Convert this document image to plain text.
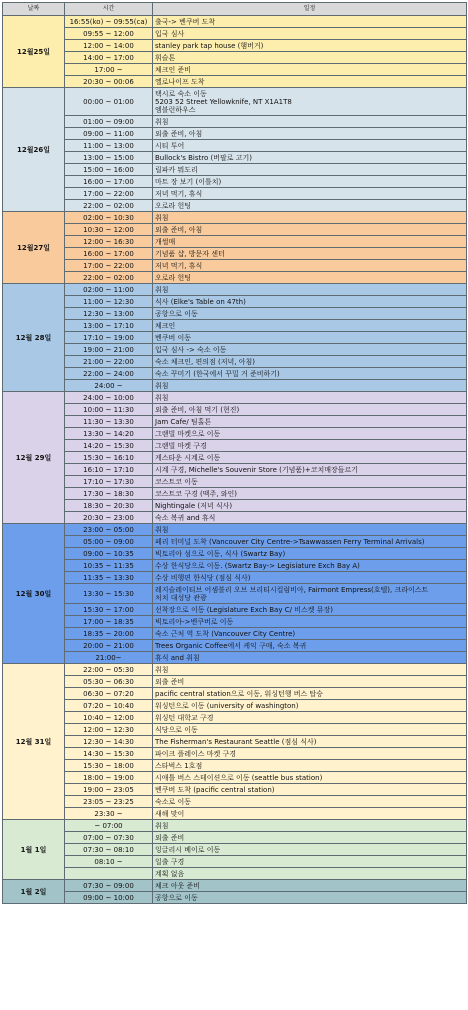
날짜	시간	일정
12월25일	16:55(ko) ~ 09:55(ca)	출국-> 벤쿠버 도착
	09:55 ~ 12:00	입국 심사
	12:00 ~ 14:00	stanley park tap house (햄버거)
	14:00 ~ 17:00	휘슬톤
	17:00 ~	체크인 준비
	20:30 ~ 00:06	옐로나이프 도착
12월26일	00:00 ~ 01:00	택시로 숙소 이동
5203 52 Street Yellowknife, NT X1A1T8
엠블런하우스

	01:00 ~ 09:00	취침
	09:00 ~ 11:00	외출 준비, 아침
	11:00 ~ 13:00	시티 투어
	13:00 ~ 15:00	Bullock's Bistro (버팔로 고기)
	15:00 ~ 16:00	릴파카 뭐도리
	16:00 ~ 17:00	마트 장 보기 (이틀치)
	17:00 ~ 22:00	저녁 먹기, 휴식
	22:00 ~ 02:00	오로라 헌팅
12월27일	02:00 ~ 10:30	취침
	10:30 ~ 12:00	외출 준비, 아침
	12:00 ~ 16:30	개썰매
	16:00 ~ 17:00	기념품 샵, 방문자 센터
	17:00 ~ 22:00	저녁 먹기, 휴식
	22:00 ~ 02:00	오로라 헌팅
12월 28일	02:00 ~ 11:00	취침
	11:00 ~ 12:30	식사 (Elke's Table on 47th)
	12:30 ~ 13:00	공항으로 이동
	13:00 ~ 17:10	체크인
	17:10 ~ 19:00	벤쿠버 이동
	19:00 ~ 21:00	입국 심사 -> 숙소 이동
	21:00 ~ 22:00	숙소 체크인, 편의점 (저녁, 아침)
	22:00 ~ 24:00	숙소 꾸미기 (한국에서 꾸밀 거 준비하기)
	24:00 ~	취침
12월 29일	24:00 ~ 10:00	취침
	10:00 ~ 11:30	외출 준비, 아침 먹기 (현진)
	11:30 ~ 13:30	Jam Cafe/ 팀홀튼
	13:30 ~ 14:20	그랜빌 마켓으로 이동
	14:20 ~ 15:30	그랜빌 마켓 구경
	15:30 ~ 16:10	게스타운 시계로 이동
	16:10 ~ 17:10	시계 구경, Michelle's Souvenir Store (기념품)+코치매장들르기
	17:10 ~ 17:30	코스트코 이동
	17:30 ~ 18:30	코스트코 구경 (맥주, 와인)
	18:30 ~ 20:30	Nightingale (저녁 식사)
	20:30 ~ 23:00	숙소 복귀 and 휴식
12월 30일	23:00 ~ 05:00	취침
	05:00 ~ 09:00	페리 터미널 도착 (Vancouver City Centre->Tsawwassen Ferry Terminal Arrivals)
	09:00 ~ 10:35	빅토리아 섬으로 이동, 식사 (Swartz Bay)
	10:35 ~ 11:35	수상 한식당으로 이동. (Swartz Bay-> Legisiature Exch Bay A)
	11:35 ~ 13:30	수상 비행편 한식당 (점심 식사)
	13:30 ~ 15:30	레지슬레이티브 어셈블리 오브 브리티시컬럼비아, Fairmont Empress(호텔), 크라이스트
처치 대성당 관광

	15:30 ~ 17:00	선착장으로 이동 (Legislature Exch Bay C/ 비스켓 뮤장)
	17:00 ~ 18:35	빅토리아->벤쿠버로 이동
	18:35 ~ 20:00	숙소 근처 역 도착 (Vancouver City Centre)
	20:00 ~ 21:00	Trees Organic Coffee에서 케익 구매, 숙소 복귀
	21:00~	휴식 and 취침
12월 31일	22:00 ~ 05:30	취침
	05:30 ~ 06:30	외출 준비
	06:30 ~ 07:20	pacific central station으로 이동, 워싱턴행 버스 탑승
	07:20 ~ 10:40	워싱턴으로 이동 (university of washington)
	10:40 ~ 12:00	워싱턴 대학교 구경
	12:00 ~ 12:30	식당으로 이동
	12:30 ~ 14:30	The Fisherman's Restaurant Seattle (점심 식사)
	14:30 ~ 15:30	파이크 플레이스 마켓 구경
	15:30 ~ 18:00	스타벅스 1호점
	18:00 ~ 19:00	시애틀 버스 스테이션으로 이동 (seattle bus station)
	19:00 ~ 23:05	벤쿠버 도착 (pacific central station)
	23:05 ~ 23:25	숙소로 이동
	23:30 ~	새해 맞이
1월 1일	~ 07:00	취침
	07:00 ~ 07:30	외출 준비
	07:30 ~ 08:10	잉글리시 베이로 이동
	08:10 ~	일출 구경
		계획 없음
1월 2일	07:30 ~ 09:00	체크 아웃 준비
	09:00 ~ 10:00	공항으로 이동
